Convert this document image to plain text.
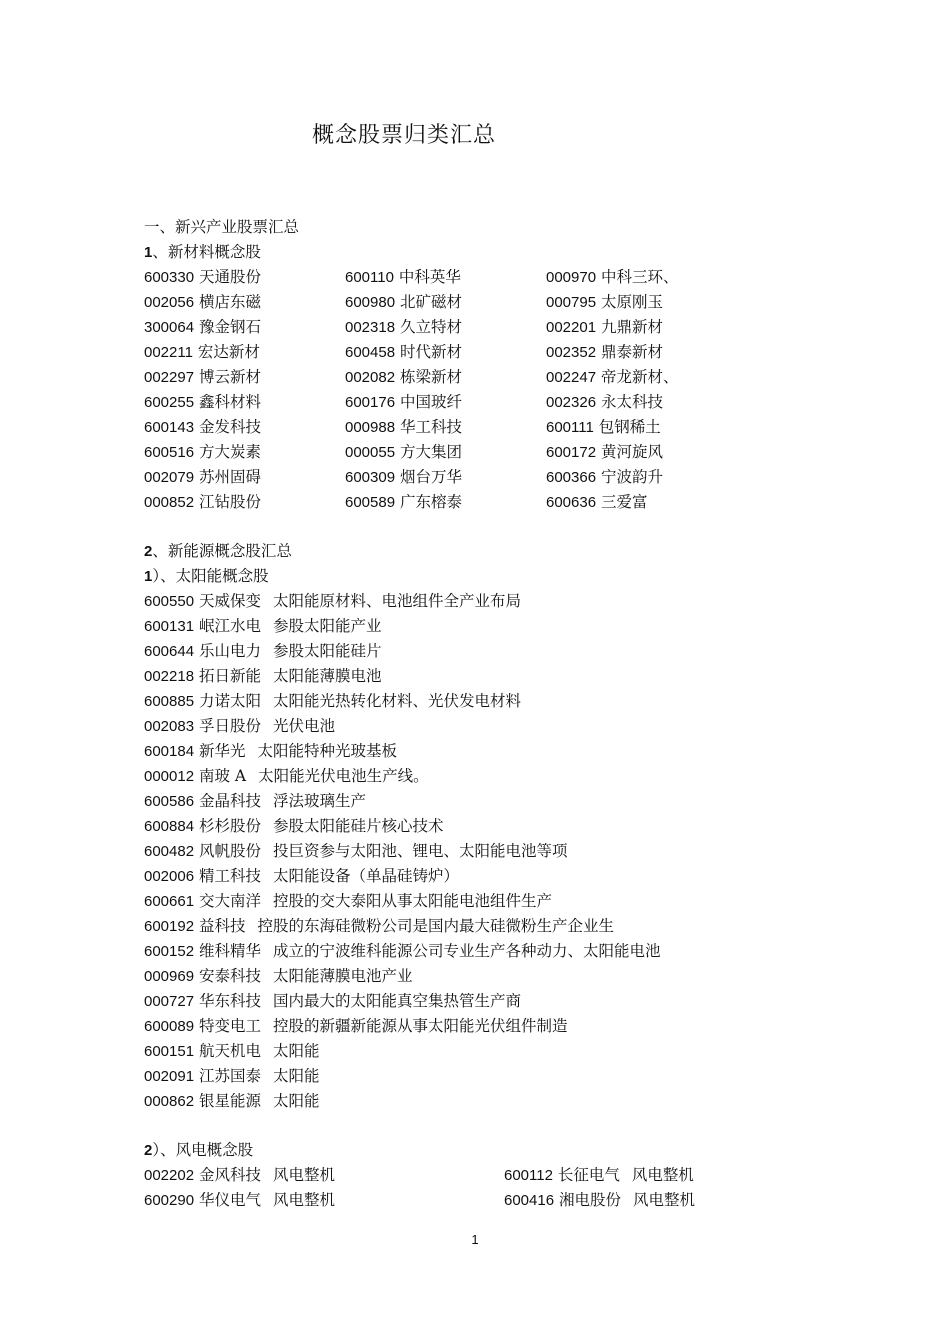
概念股票归类汇总
一、新兴产业股票汇总
1、新材料概念股
600330 天通股份	600110 中科英华	000970 中科三环、
002056 横店东磁	600980 北矿磁材	000795 太原刚玉
300064 豫金钢石	002318 久立特材	002201 九鼎新材
002211 宏达新材	600458 时代新材	002352 鼎泰新材
002297 博云新材	002082 栋梁新材	002247 帝龙新材、
600255 鑫科材料	600176 中国玻纤	002326 永太科技
600143 金发科技	000988 华工科技	600111 包钢稀土
600516 方大炭素	000055 方大集团	600172 黄河旋风
002079 苏州固碍	600309 烟台万华	600366 宁波韵升
000852 江钻股份	600589 广东榕泰	600636 三爱富
2、新能源概念股汇总
1）、太阳能概念股
600550 天威保变 太阳能原材料、电池组件全产业布局
600131 岷江水电 参股太阳能产业
600644 乐山电力 参股太阳能硅片
002218 拓日新能 太阳能薄膜电池
600885 力诺太阳 太阳能光热转化材料、光伏发电材料
002083 孚日股份 光伏电池
600184 新华光 太阳能特种光玻基板
000012 南玻 A 太阳能光伏电池生产线。
600586 金晶科技 浮法玻璃生产
600884 杉杉股份 参股太阳能硅片核心技术
600482 风帆股份 投巨资参与太阳池、锂电、太阳能电池等项
002006 精工科技 太阳能设备（单晶硅铸炉）
600661 交大南洋 控股的交大泰阳从事太阳能电池组件生产
600192 益科技 控股的东海硅微粉公司是国内最大硅微粉生产企业生
600152 维科精华 成立的宁波维科能源公司专业生产各种动力、太阳能电池
000969 安泰科技 太阳能薄膜电池产业
000727 华东科技 国内最大的太阳能真空集热管生产商
600089 特变电工 控股的新疆新能源从事太阳能光伏组件制造
600151 航天机电 太阳能
002091 江苏国泰 太阳能
000862 银星能源 太阳能
2）、风电概念股
002202 金风科技 风电整机	600112 长征电气 风电整机
600290 华仪电气 风电整机	600416 湘电股份 风电整机
1
